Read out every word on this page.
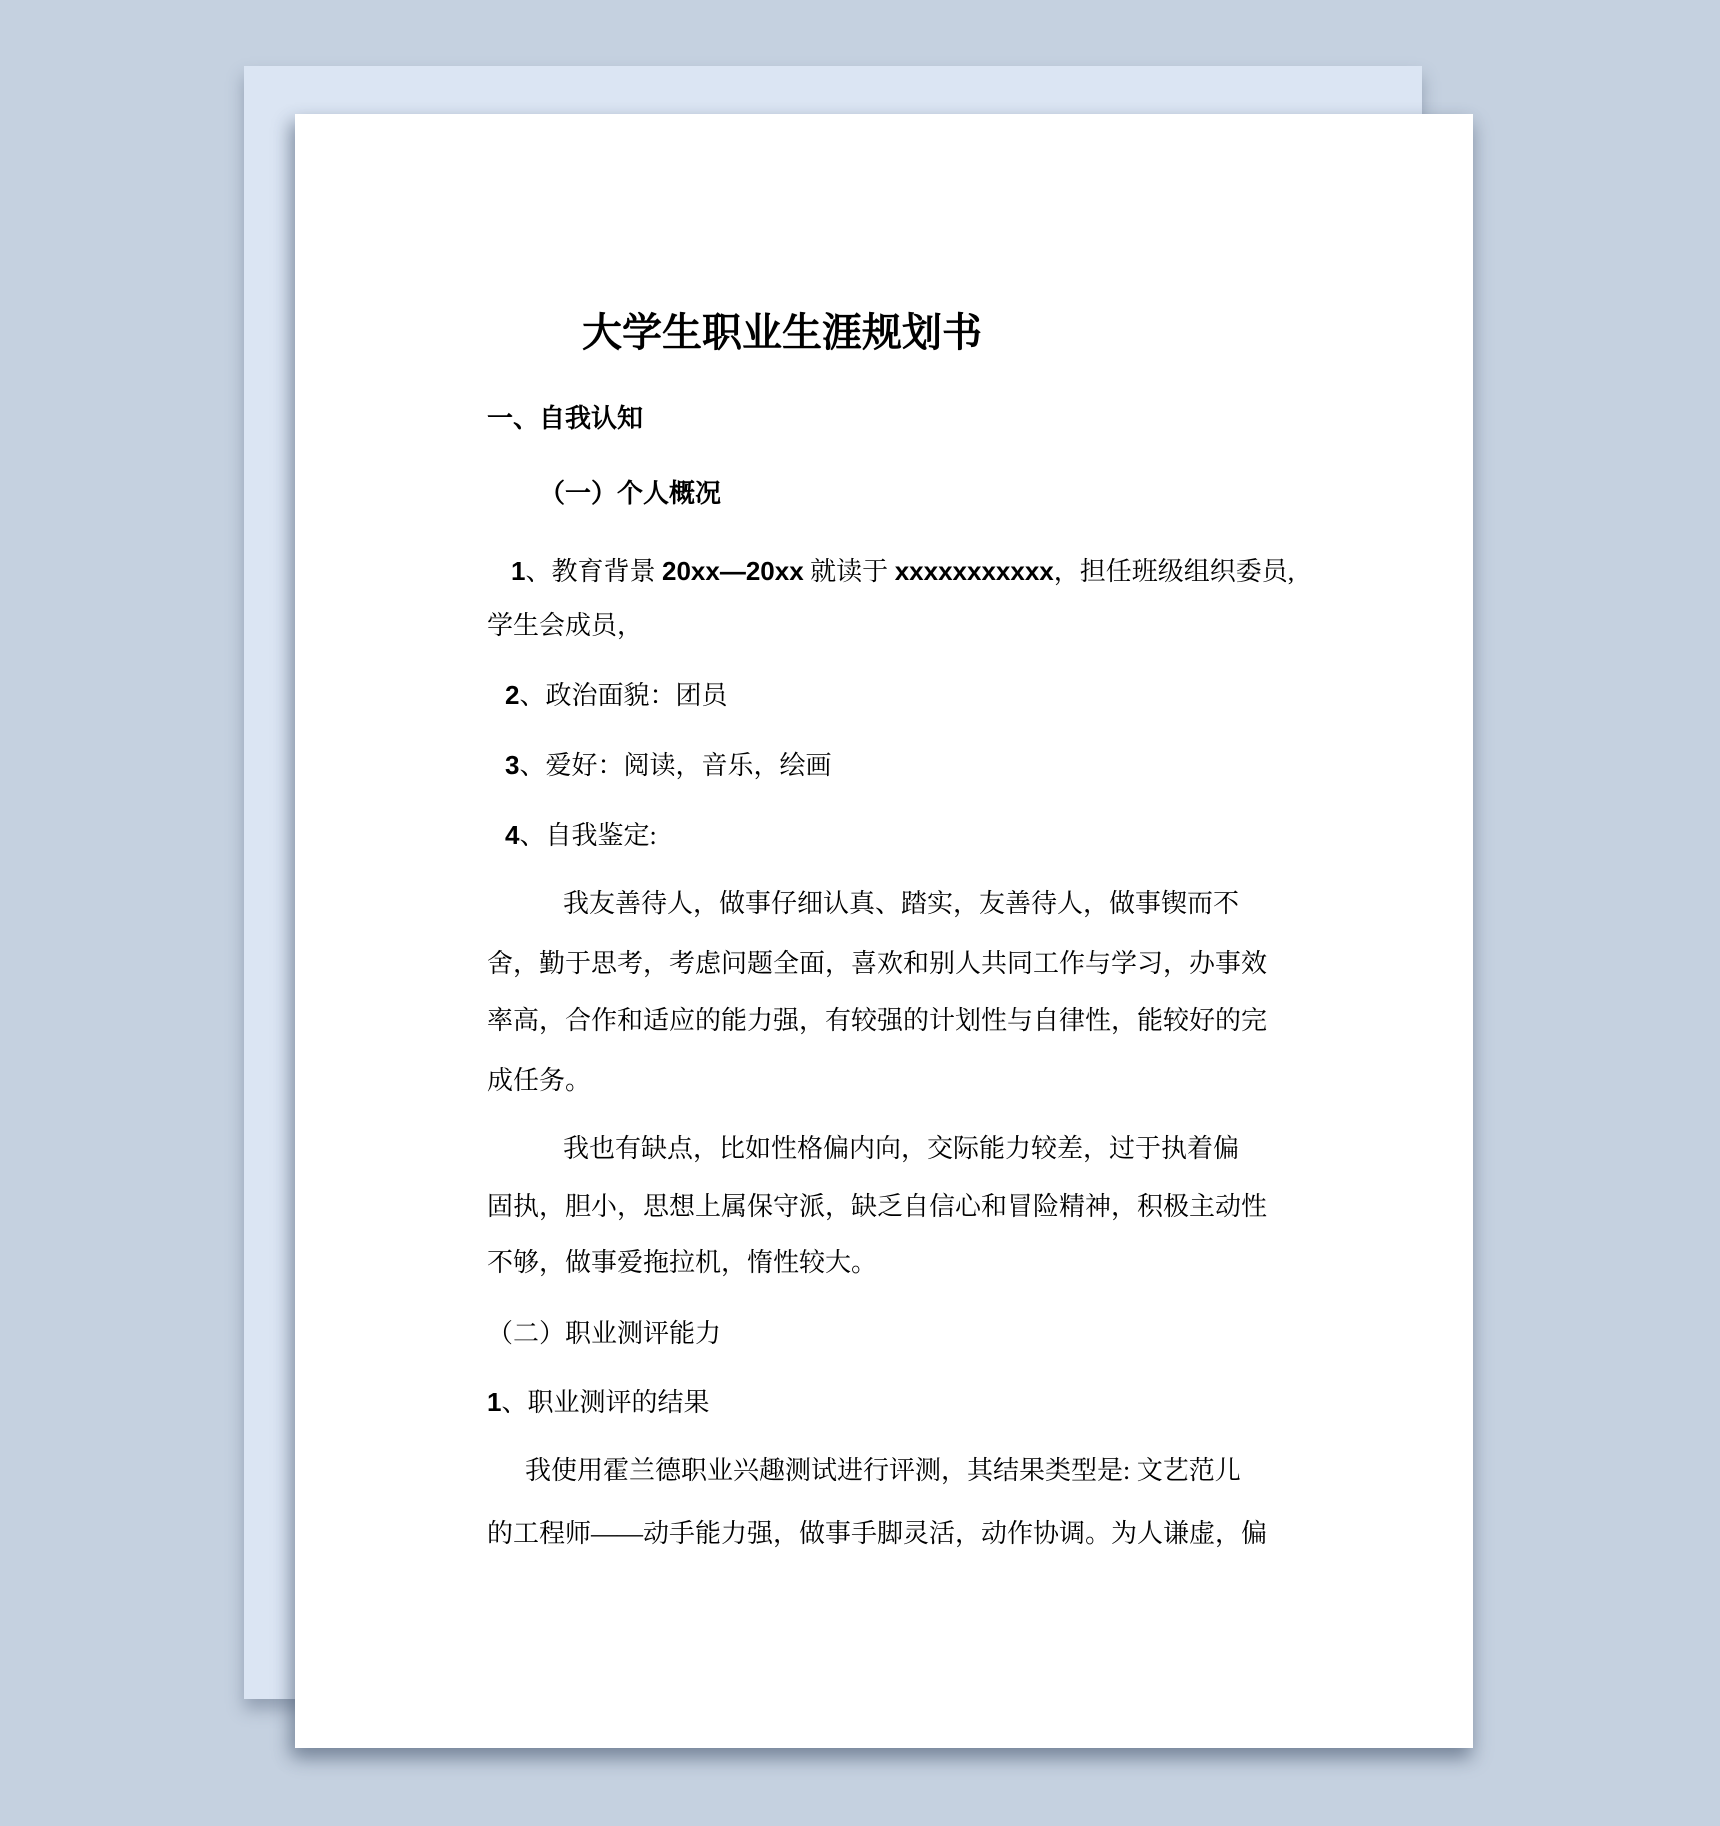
大学生职业生涯规划书
一、自我认知
（一）个人概况
1、教育背景 20xx—20xx 就读于 xxxxxxxxxxx，担任班级组织委员,
学生会成员，
2、政治面貌：团员
3、爱好：阅读，音乐，绘画
4、自我鉴定:
我友善待人，做事仔细认真、踏实，友善待人，做事锲而不
舍，勤于思考，考虑问题全面，喜欢和别人共同工作与学习，办事效
率高，合作和适应的能力强，有较强的计划性与自律性，能较好的完
成任务。
我也有缺点，比如性格偏内向，交际能力较差，过于执着偏
固执，胆小，思想上属保守派，缺乏自信心和冒险精神，积极主动性
不够，做事爱拖拉机，惰性较大。
（二）职业测评能力
1、职业测评的结果
我使用霍兰德职业兴趣测试进行评测，其结果类型是: 文艺范儿
的工程师——动手能力强，做事手脚灵活，动作协调。为人谦虚，偏
